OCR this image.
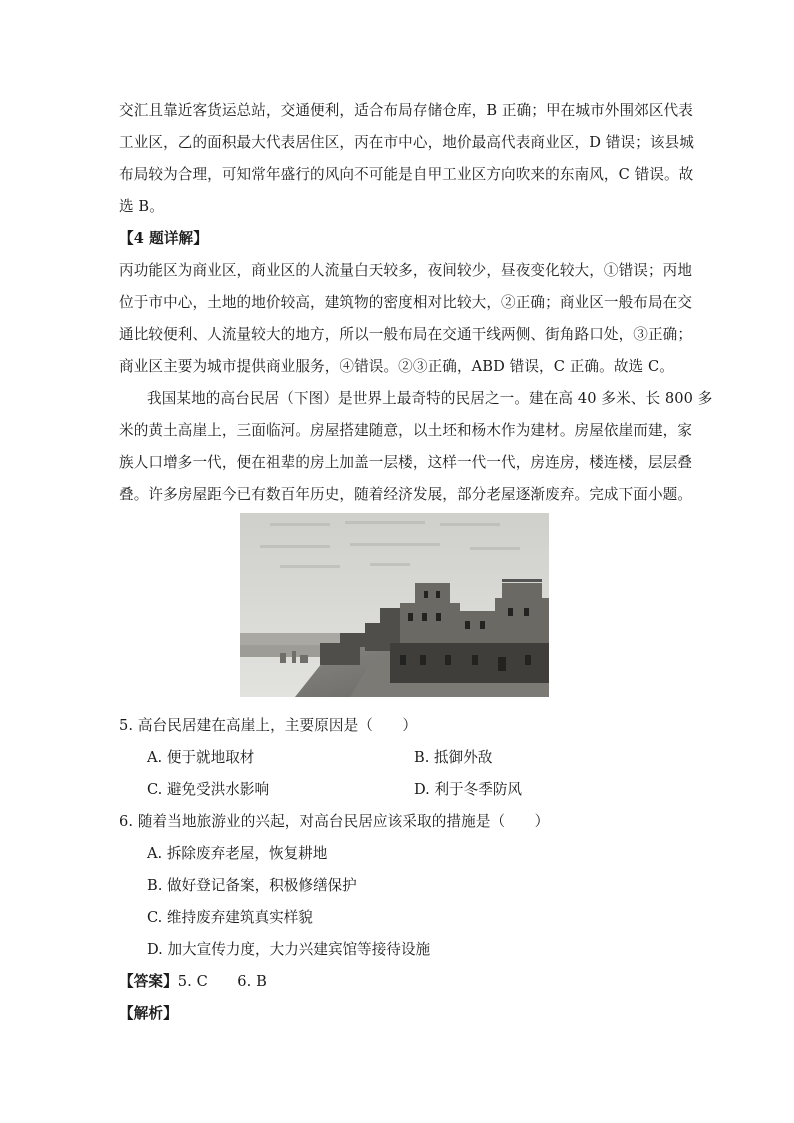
交汇且靠近客货运总站，交通便利，适合布局存储仓库，B 正确；甲在城市外围郊区代表
工业区，乙的面积最大代表居住区，丙在市中心，地价最高代表商业区，D 错误；该县城
布局较为合理，可知常年盛行的风向不可能是自甲工业区方向吹来的东南风，C 错误。故
选 B。
【4 题详解】
丙功能区为商业区，商业区的人流量白天较多，夜间较少，昼夜变化较大，①错误；丙地
位于市中心，土地的地价较高，建筑物的密度相对比较大，②正确；商业区一般布局在交
通比较便利、人流量较大的地方，所以一般布局在交通干线两侧、街角路口处，③正确；
商业区主要为城市提供商业服务，④错误。②③正确，ABD 错误，C 正确。故选 C。
我国某地的高台民居（下图）是世界上最奇特的民居之一。建在高 40 多米、长 800 多
米的黄土高崖上，三面临河。房屋搭建随意，以土坯和杨木作为建材。房屋依崖而建，家
族人口增多一代，便在祖辈的房上加盖一层楼，这样一代一代，房连房，楼连楼，层层叠
叠。许多房屋距今已有数百年历史，随着经济发展，部分老屋逐渐废弃。完成下面小题。
5. 高台民居建在高崖上，主要原因是（　　）
A. 便于就地取材	B. 抵御外敌
C. 避免受洪水影响	D. 利于冬季防风
6. 随着当地旅游业的兴起，对高台民居应该采取的措施是（　　）
A. 拆除废弃老屋，恢复耕地
B. 做好登记备案，积极修缮保护
C. 维持废弃建筑真实样貌
D. 加大宣传力度，大力兴建宾馆等接待设施
【答案】5. C　　6. B
【解析】
